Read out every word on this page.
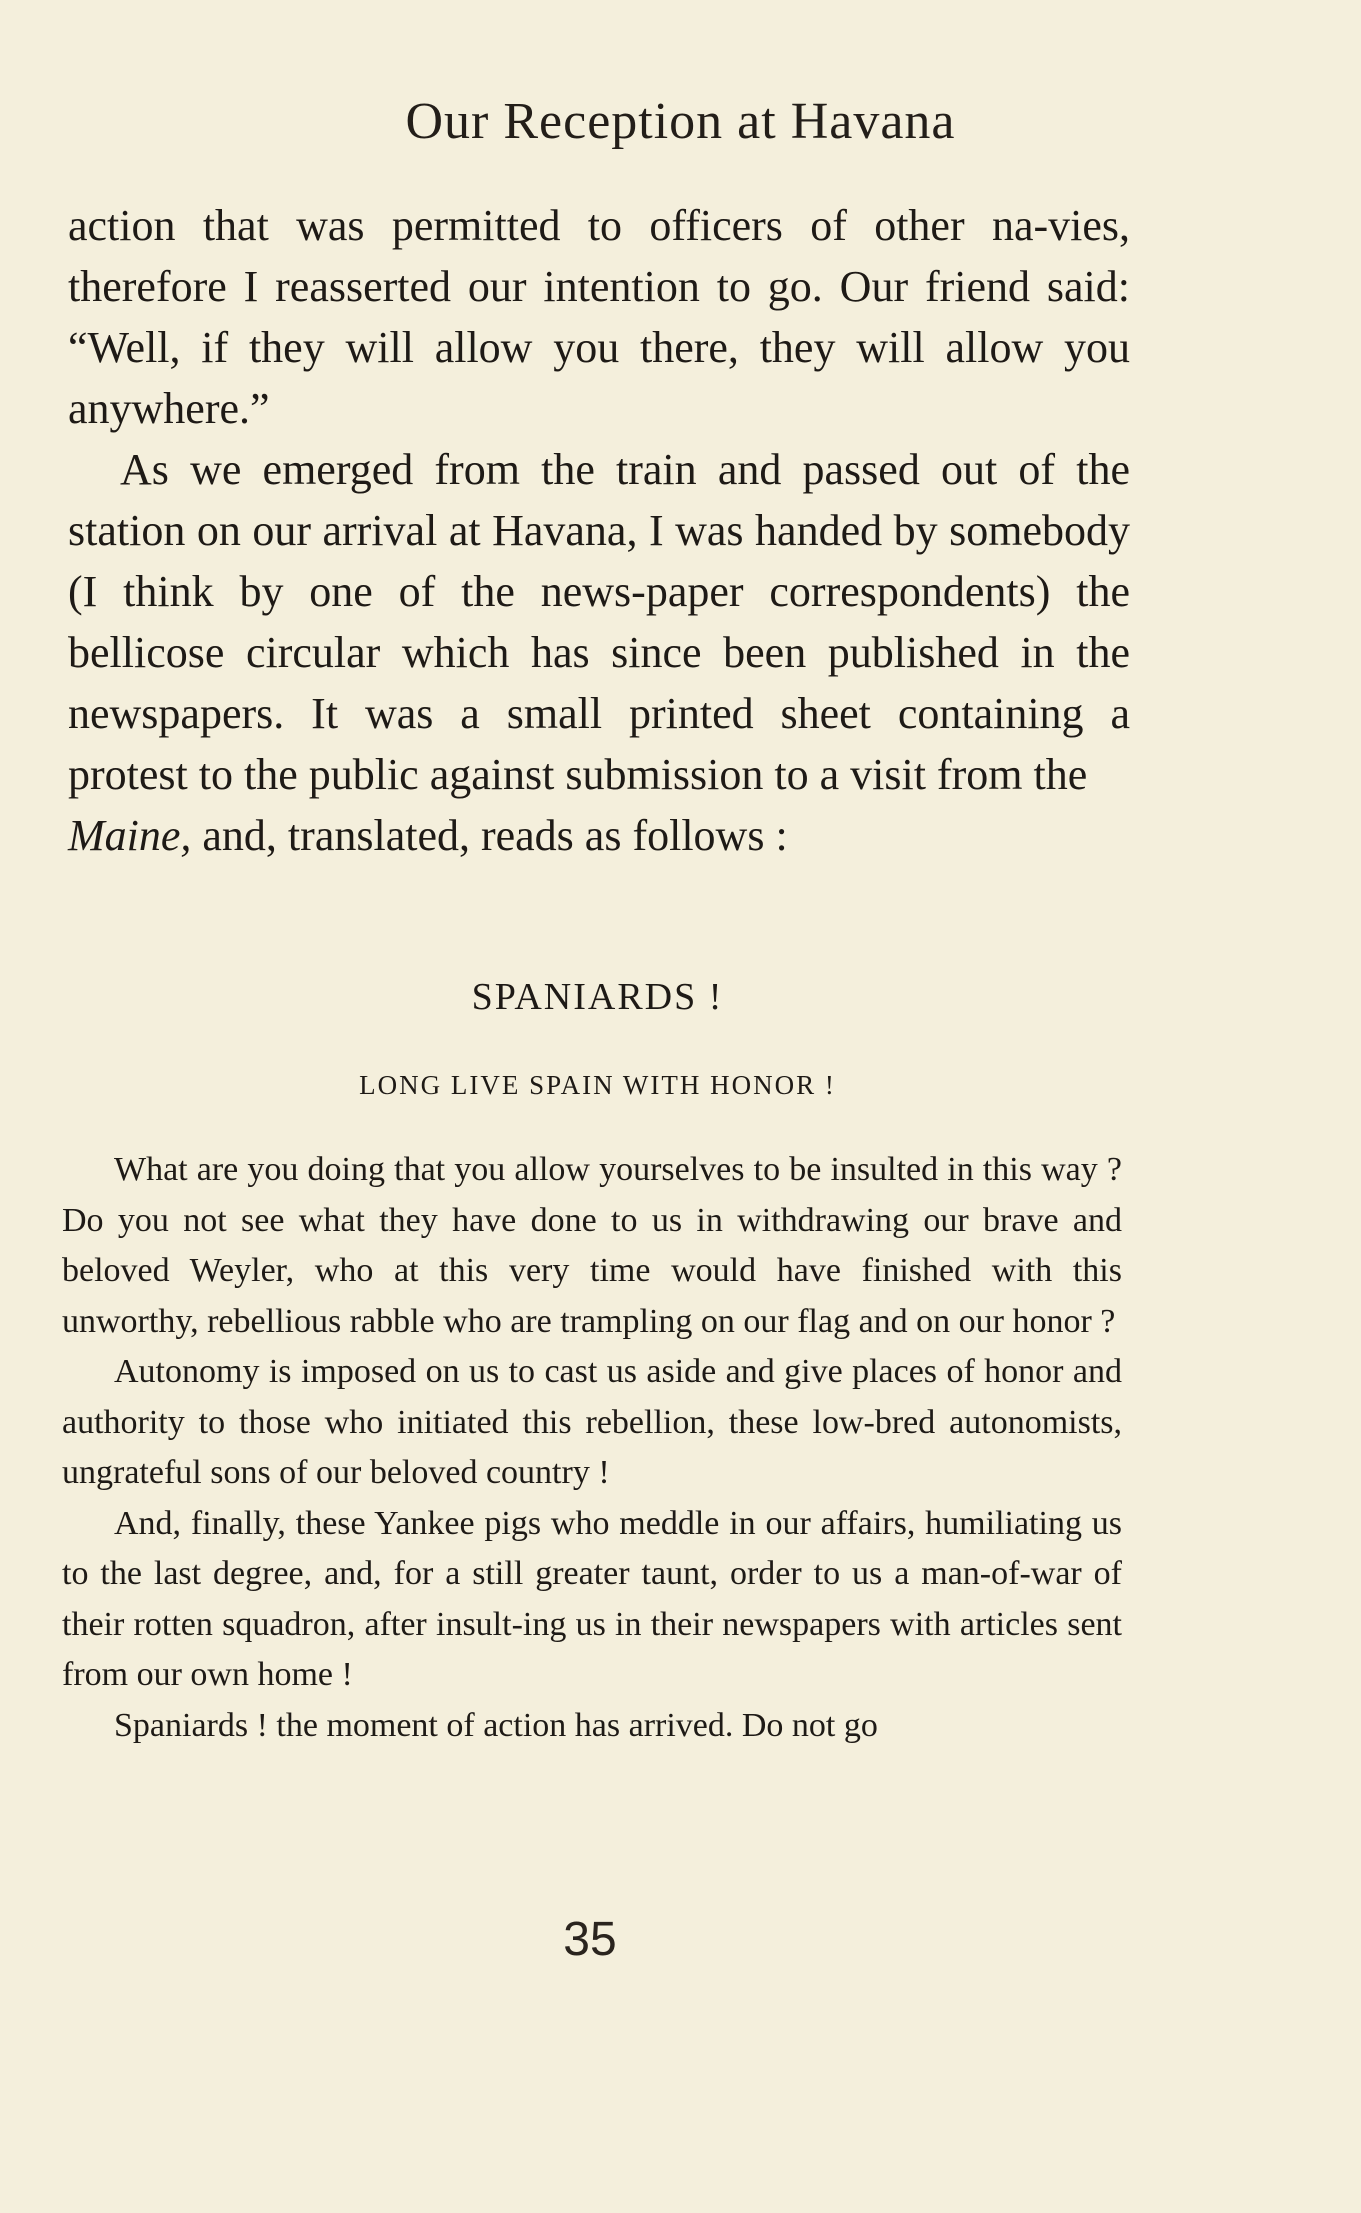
Our Reception at Havana

action that was permitted to officers of other na-vies, therefore I reasserted our intention to go. Our friend said: “Well, if they will allow you there, they will allow you anywhere.”

As we emerged from the train and passed out of the station on our arrival at Havana, I was handed by somebody (I think by one of the news-paper correspondents) the bellicose circular which has since been published in the newspapers. It was a small printed sheet containing a protest to the public against submission to a visit from the
Maine, and, translated, reads as follows :

SPANIARDS !
LONG LIVE SPAIN WITH HONOR !

What are you doing that you allow yourselves to be insulted in this way ? Do you not see what they have done to us in withdrawing our brave and beloved Weyler, who at this very time would have finished with this unworthy, rebellious rabble who are trampling on our flag and on our honor ?

Autonomy is imposed on us to cast us aside and give places of honor and authority to those who initiated this rebellion, these low-bred autonomists, ungrateful sons of our beloved country !

And, finally, these Yankee pigs who meddle in our affairs, humiliating us to the last degree, and, for a still greater taunt, order to us a man-of-war of their rotten squadron, after insult-ing us in their newspapers with articles sent from our own home !

Spaniards ! the moment of action has arrived. Do not go

35
